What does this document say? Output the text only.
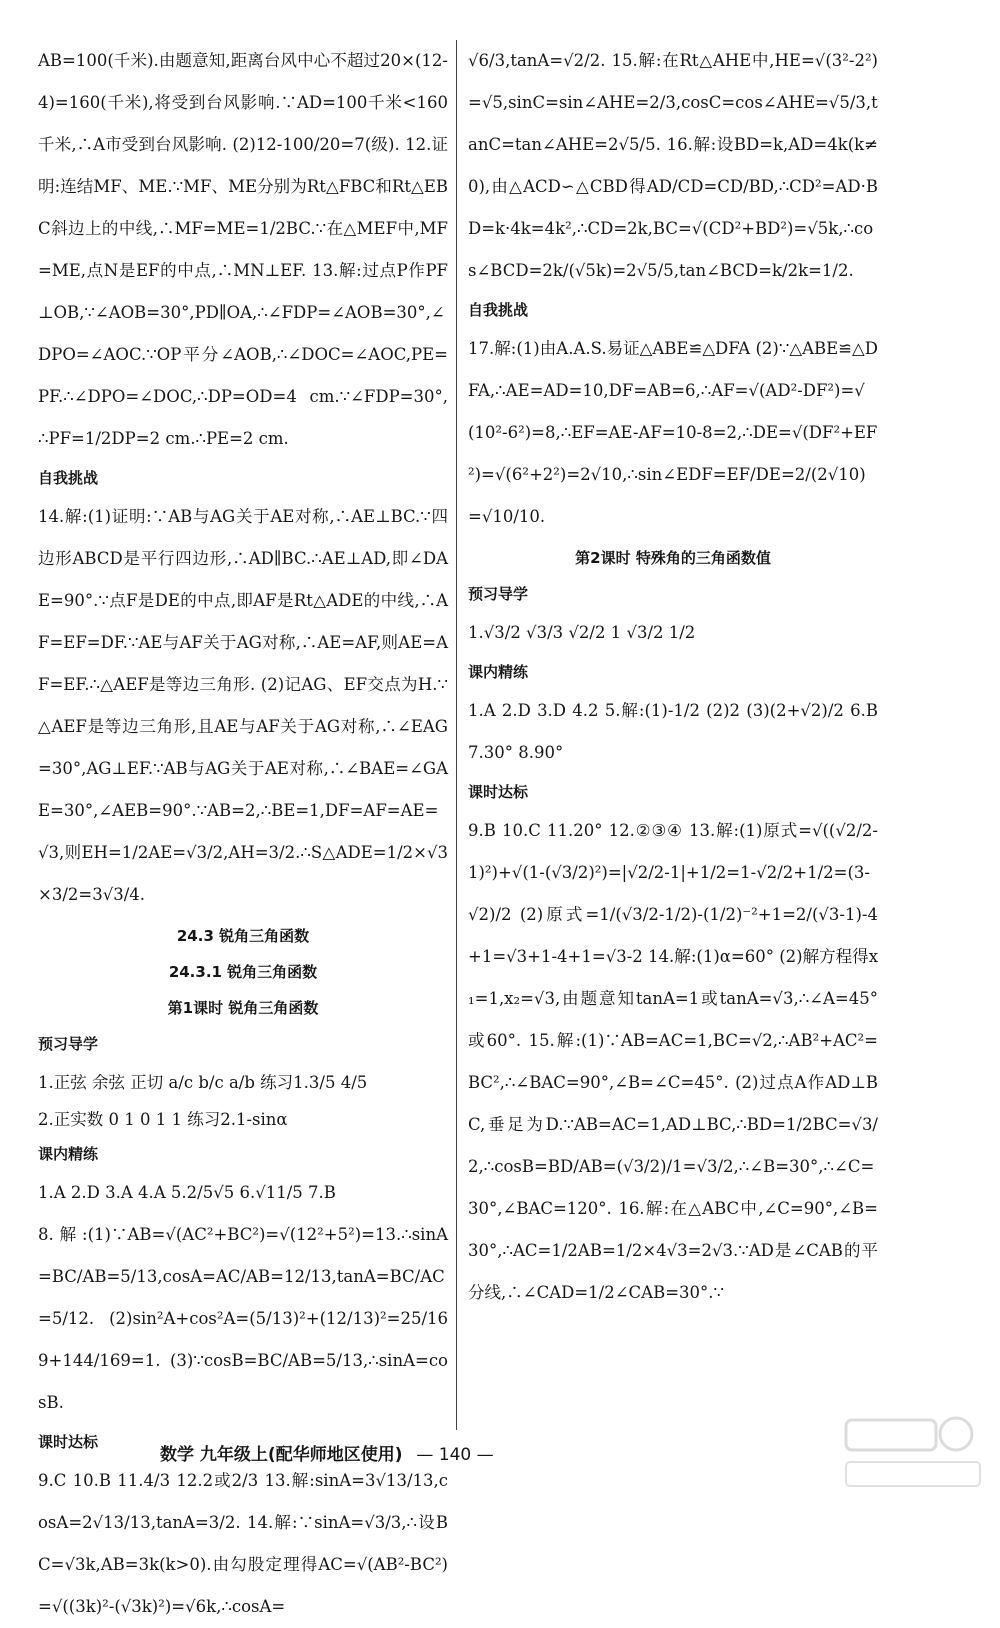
AB=100(千米).由题意知,距离台风中心不超过20×(12-4)=160(千米),将受到台风影响.∵AD=100千米<160千米,∴A市受到台风影响. (2)12-100/20=7(级). 12.证明:连结MF、ME.∵MF、ME分别为Rt△FBC和Rt△EBC斜边上的中线,∴MF=ME=1/2BC.∵在△MEF中,MF=ME,点N是EF的中点,∴MN⊥EF. 13.解:过点P作PF⊥OB,∵∠AOB=30°,PD∥OA,∴∠FDP=∠AOB=30°,∠DPO=∠AOC.∵OP平分∠AOB,∴∠DOC=∠AOC,PE=PF.∴∠DPO=∠DOC,∴DP=OD=4 cm.∵∠FDP=30°,∴PF=1/2DP=2 cm.∴PE=2 cm.

自我挑战

14.解:(1)证明:∵AB与AG关于AE对称,∴AE⊥BC.∵四边形ABCD是平行四边形,∴AD∥BC.∴AE⊥AD,即∠DAE=90°.∵点F是DE的中点,即AF是Rt△ADE的中线,∴AF=EF=DF.∵AE与AF关于AG对称,∴AE=AF,则AE=AF=EF.∴△AEF是等边三角形. (2)记AG、EF交点为H.∵△AEF是等边三角形,且AE与AF关于AG对称,∴∠EAG=30°,AG⊥EF.∵AB与AG关于AE对称,∴∠BAE=∠GAE=30°,∠AEB=90°.∵AB=2,∴BE=1,DF=AF=AE=√3,则EH=1/2AE=√3/2,AH=3/2.∴S△ADE=1/2×√3×3/2=3√3/4.

24.3 锐角三角函数
24.3.1 锐角三角函数
第1课时 锐角三角函数
预习导学

1.正弦 余弦 正切 a/c b/c a/b 练习1.3/5 4/5

2.正实数 0 1 0 1 1 练习2.1-sinα

课内精练

1.A 2.D 3.A 4.A 5.2/5√5 6.√11/5 7.B

8.解:(1)∵AB=√(AC²+BC²)=√(12²+5²)=13.∴sinA=BC/AB=5/13,cosA=AC/AB=12/13,tanA=BC/AC=5/12. (2)sin²A+cos²A=(5/13)²+(12/13)²=25/169+144/169=1. (3)∵cosB=BC/AB=5/13,∴sinA=cosB.

课时达标

9.C 10.B 11.4/3 12.2或2/3 13.解:sinA=3√13/13,cosA=2√13/13,tanA=3/2. 14.解:∵sinA=√3/3,∴设BC=√3k,AB=3k(k>0).由勾股定理得AC=√(AB²-BC²)=√((3k)²-(√3k)²)=√6k,∴cosA=

√6/3,tanA=√2/2. 15.解:在Rt△AHE中,HE=√(3²-2²)=√5,sinC=sin∠AHE=2/3,cosC=cos∠AHE=√5/3,tanC=tan∠AHE=2√5/5. 16.解:设BD=k,AD=4k(k≠0),由△ACD∽△CBD得AD/CD=CD/BD,∴CD²=AD·BD=k·4k=4k²,∴CD=2k,BC=√(CD²+BD²)=√5k,∴cos∠BCD=2k/(√5k)=2√5/5,tan∠BCD=k/2k=1/2.

自我挑战

17.解:(1)由A.A.S.易证△ABE≌△DFA (2)∵△ABE≌△DFA,∴AE=AD=10,DF=AB=6,∴AF=√(AD²-DF²)=√(10²-6²)=8,∴EF=AE-AF=10-8=2,∴DE=√(DF²+EF²)=√(6²+2²)=2√10,∴sin∠EDF=EF/DE=2/(2√10)=√10/10.

第2课时 特殊角的三角函数值
预习导学

1.√3/2 √3/3 √2/2 1 √3/2 1/2

课内精练

1.A 2.D 3.D 4.2 5.解:(1)-1/2 (2)2 (3)(2+√2)/2 6.B 7.30° 8.90°

课时达标

9.B 10.C 11.20° 12.②③④ 13.解:(1)原式=√((√2/2-1)²)+√(1-(√3/2)²)=|√2/2-1|+1/2=1-√2/2+1/2=(3-√2)/2 (2)原式=1/(√3/2-1/2)-(1/2)⁻²+1=2/(√3-1)-4+1=√3+1-4+1=√3-2 14.解:(1)α=60° (2)解方程得x₁=1,x₂=√3,由题意知tanA=1或tanA=√3,∴∠A=45°或60°. 15.解:(1)∵AB=AC=1,BC=√2,∴AB²+AC²=BC²,∴∠BAC=90°,∠B=∠C=45°. (2)过点A作AD⊥BC,垂足为D.∵AB=AC=1,AD⊥BC,∴BD=1/2BC=√3/2,∴cosB=BD/AB=(√3/2)/1=√3/2,∴∠B=30°,∴∠C=30°,∠BAC=120°. 16.解:在△ABC中,∠C=90°,∠B=30°,∴AC=1/2AB=1/2×4√3=2√3.∵AD是∠CAB的平分线,∴∠CAD=1/2∠CAB=30°.∵

数学 九年级上(配华师地区使用) — 140 —
